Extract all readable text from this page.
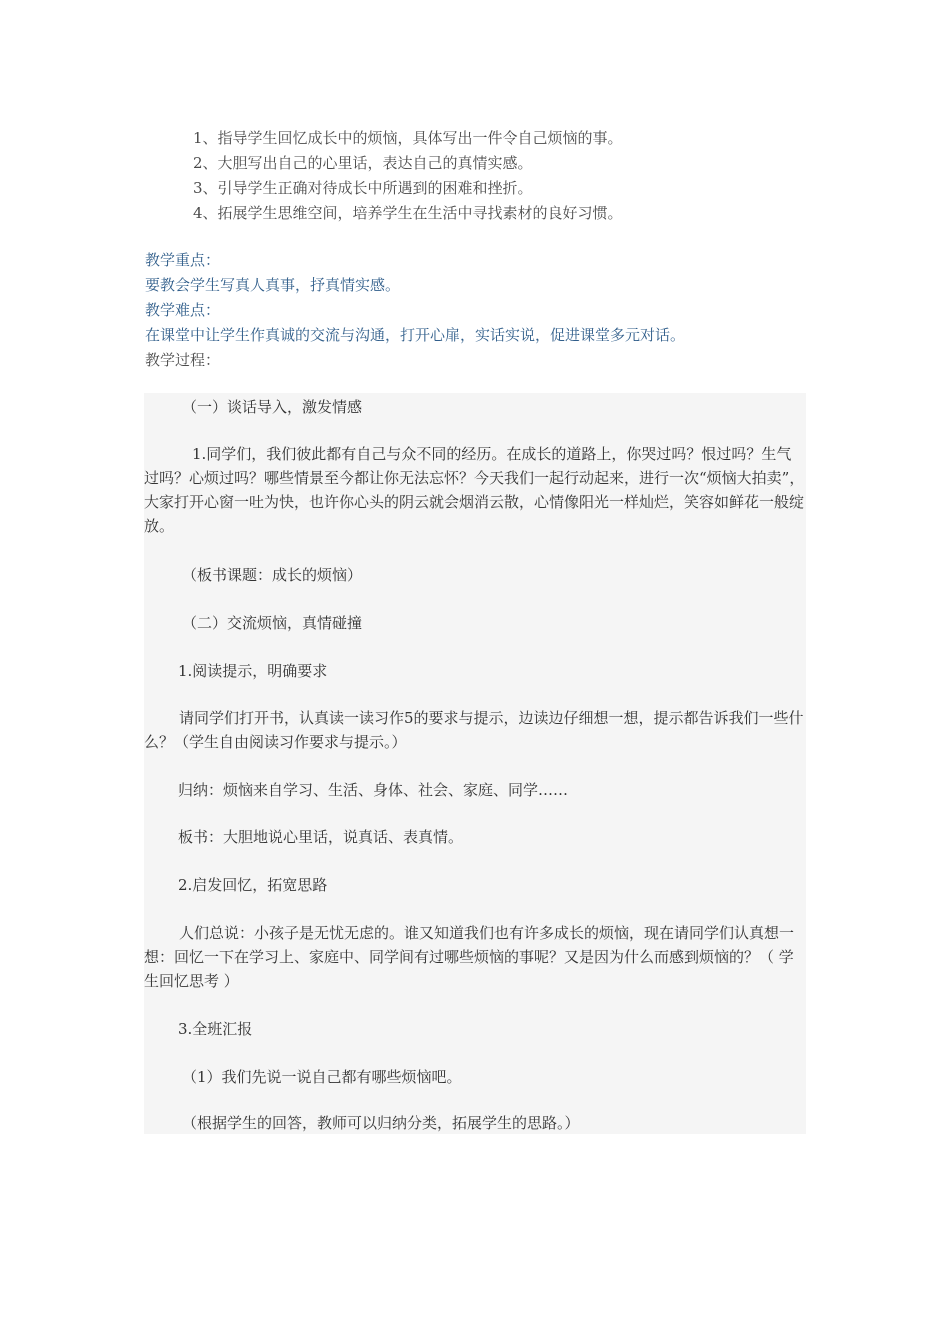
1、指导学生回忆成长中的烦恼，具体写出一件令自己烦恼的事。
2、大胆写出自己的心里话，表达自己的真情实感。
3、引导学生正确对待成长中所遇到的困难和挫折。
4、拓展学生思维空间，培养学生在生活中寻找素材的良好习惯。
教学重点：
要教会学生写真人真事，抒真情实感。
教学难点：
在课堂中让学生作真诚的交流与沟通，打开心扉，实话实说，促进课堂多元对话。
教学过程：
（一）谈话导入，激发情感
1.同学们，我们彼此都有自己与众不同的经历。在成长的道路上，你哭过吗？恨过吗？生气过吗？心烦过吗？哪些情景至今都让你无法忘怀？今天我们一起行动起来，进行一次“烦恼大拍卖”，大家打开心窗一吐为快，也许你心头的阴云就会烟消云散，心情像阳光一样灿烂，笑容如鲜花一般绽放。
（板书课题：成长的烦恼）
（二）交流烦恼，真情碰撞
1.阅读提示，明确要求
请同学们打开书，认真读一读习作5的要求与提示，边读边仔细想一想，提示都告诉我们一些什么？（学生自由阅读习作要求与提示。）
归纳：烦恼来自学习、生活、身体、社会、家庭、同学……
板书：大胆地说心里话，说真话、表真情。
2.启发回忆，拓宽思路
人们总说：小孩子是无忧无虑的。谁又知道我们也有许多成长的烦恼，现在请同学们认真想一想：回忆一下在学习上、家庭中、同学间有过哪些烦恼的事呢？又是因为什么而感到烦恼的？（ 学生回忆思考 ）
3.全班汇报
（1）我们先说一说自己都有哪些烦恼吧。
（根据学生的回答，教师可以归纳分类，拓展学生的思路。）
